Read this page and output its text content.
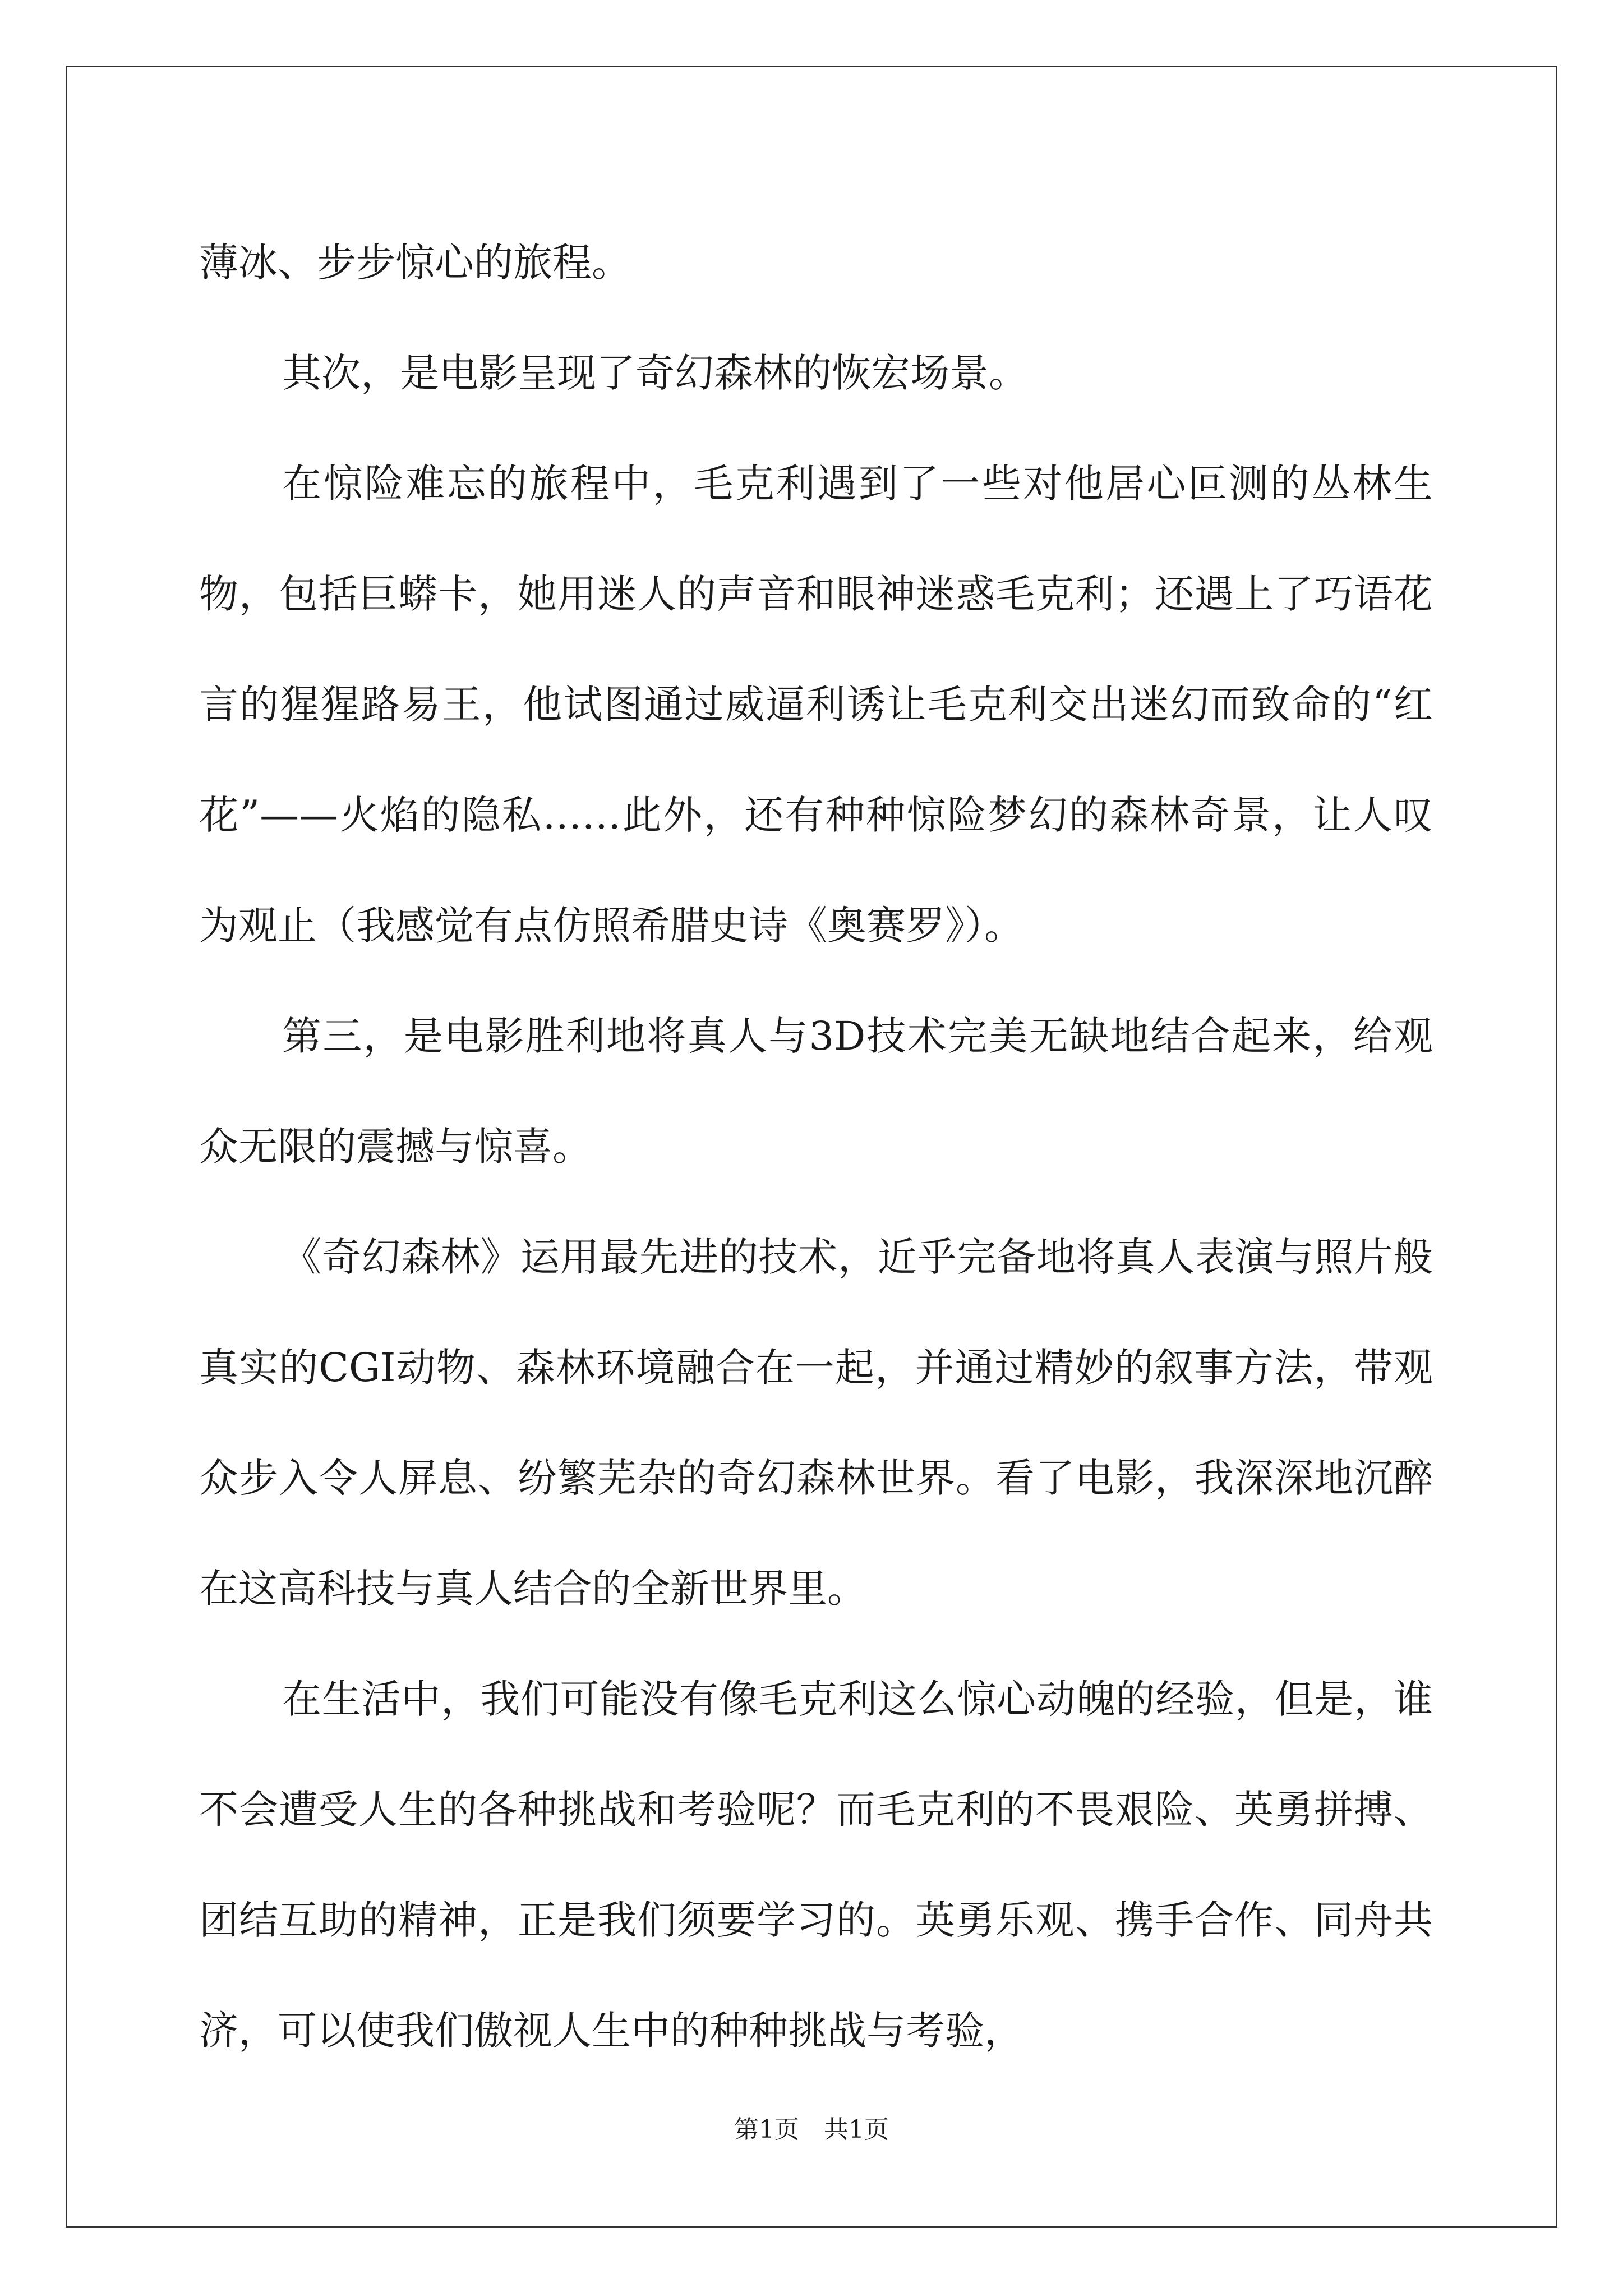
薄冰、步步惊心的旅程。

其次，是电影呈现了奇幻森林的恢宏场景。

在惊险难忘的旅程中，毛克利遇到了一些对他居心叵测的丛林生物，包括巨蟒卡，她用迷人的声音和眼神迷惑毛克利；还遇上了巧语花言的猩猩路易王，他试图通过威逼利诱让毛克利交出迷幻而致命的“红花”——火焰的隐私……此外，还有种种惊险梦幻的森林奇景，让人叹为观止（我感觉有点仿照希腊史诗《奥赛罗》）。

第三，是电影胜利地将真人与3D技术完美无缺地结合起来，给观众无限的震撼与惊喜。

《奇幻森林》运用最先进的技术，近乎完备地将真人表演与照片般真实的CGI动物、森林环境融合在一起，并通过精妙的叙事方法，带观众步入令人屏息、纷繁芜杂的奇幻森林世界。看了电影，我深深地沉醉在这高科技与真人结合的全新世界里。

在生活中，我们可能没有像毛克利这么惊心动魄的经验，但是，谁不会遭受人生的各种挑战和考验呢？而毛克利的不畏艰险、英勇拼搏、团结互助的精神，正是我们须要学习的。英勇乐观、携手合作、同舟共济，可以使我们傲视人生中的种种挑战与考验，

第1页　共1页
